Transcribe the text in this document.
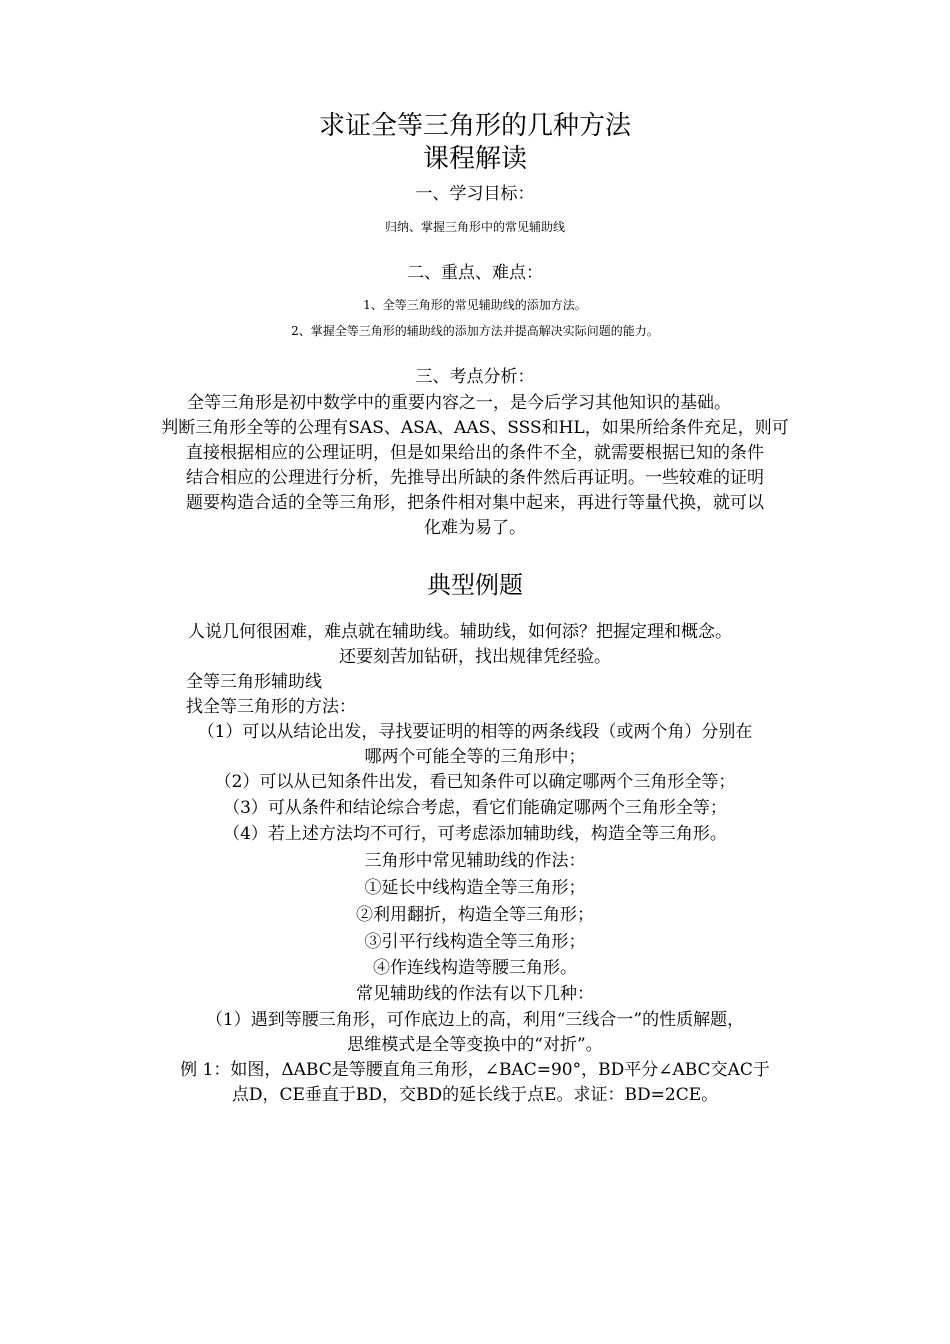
求证全等三角形的几种方法
课程解读
一、学习目标：
归纳、掌握三角形中的常见辅助线
二、重点、难点：
1、全等三角形的常见辅助线的添加方法。
2、掌握全等三角形的辅助线的添加方法并提高解决实际问题的能力。
三、考点分析：
全等三角形是初中数学中的重要内容之一，是今后学习其他知识的基础。
判断三角形全等的公理有SAS、ASA、AAS、SSS和HL，如果所给条件充足，则可
直接根据相应的公理证明，但是如果给出的条件不全，就需要根据已知的条件
结合相应的公理进行分析，先推导出所缺的条件然后再证明。一些较难的证明
题要构造合适的全等三角形，把条件相对集中起来，再进行等量代换，就可以
化难为易了。
典型例题
人说几何很困难，难点就在辅助线。辅助线，如何添？把握定理和概念。
还要刻苦加钻研，找出规律凭经验。
全等三角形辅助线
找全等三角形的方法：
（1）可以从结论出发，寻找要证明的相等的两条线段（或两个角）分别在
哪两个可能全等的三角形中；
（2）可以从已知条件出发，看已知条件可以确定哪两个三角形全等；
（3）可从条件和结论综合考虑，看它们能确定哪两个三角形全等；
（4）若上述方法均不可行，可考虑添加辅助线，构造全等三角形。
三角形中常见辅助线的作法：
①延长中线构造全等三角形；
②利用翻折，构造全等三角形；
③引平行线构造全等三角形；
④作连线构造等腰三角形。
常见辅助线的作法有以下几种：
（1）遇到等腰三角形，可作底边上的高，利用“三线合一”的性质解题，
思维模式是全等变换中的“对折”。
例 1：如图，ΔABC是等腰直角三角形，∠BAC=90°，BD平分∠ABC交AC于
点D，CE垂直于BD，交BD的延长线于点E。求证：BD=2CE。
